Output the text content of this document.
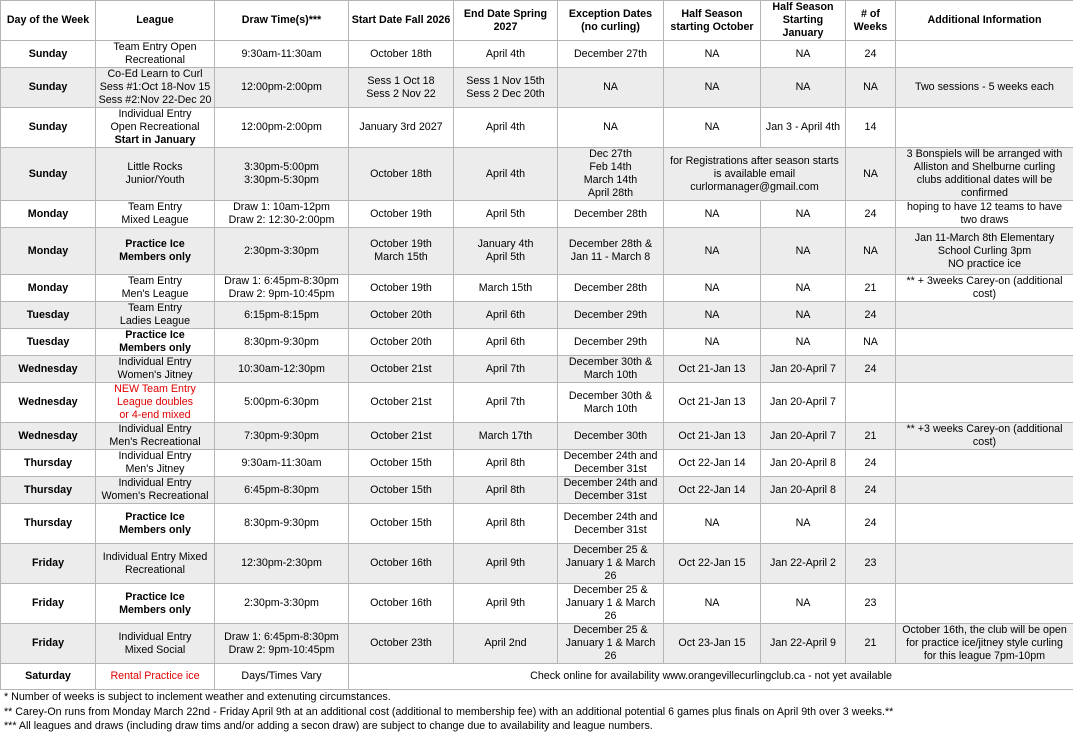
Day of the Week	League	Draw Time(s)***	Start Date Fall 2026	End Date Spring
2027	Exception Dates
(no curling)	Half Season
starting October	Half Season
Starting
January	# of
Weeks	Additional Information
Sunday	Team Entry Open
Recreational	9:30am-11:30am	October 18th	April 4th	December 27th	NA	NA	24	
Sunday	Co-Ed Learn to Curl
Sess #1:Oct 18-Nov 15
Sess #2:Nov 22-Dec 20	12:00pm-2:00pm	Sess 1 Oct 18
Sess 2 Nov 22	Sess 1 Nov 15th
Sess 2 Dec 20th	NA	NA	NA	NA	Two sessions - 5 weeks each
Sunday	Individual Entry
Open Recreational
Start in January	12:00pm-2:00pm	January 3rd 2027	April 4th	NA	NA	Jan 3 - April 4th	14	
Sunday	Little Rocks
Junior/Youth	3:30pm-5:00pm
3:30pm-5:30pm	October 18th	April 4th	Dec 27th
Feb 14th
March 14th
April 28th	for Registrations after season starts
is available email
curlormanager@gmail.com		NA	3 Bonspiels will be arranged with
Alliston and Shelburne curling
clubs additional dates will be
confirmed
Monday	Team Entry
Mixed League	Draw 1: 10am-12pm
Draw 2: 12:30-2:00pm	October 19th	April 5th	December 28th	NA	NA	24	hoping to have 12 teams to have
two draws
Monday	Practice Ice
Members only	2:30pm-3:30pm	October 19th
March 15th	January 4th
April 5th	December 28th &
Jan 11 - March 8	NA	NA	NA	Jan 11-March 8th Elementary
School Curling 3pm
NO practice ice
Monday	Team Entry
Men's League	Draw 1: 6:45pm-8:30pm
Draw 2: 9pm-10:45pm	October 19th	March 15th	December 28th	NA	NA	21	** + 3weeks Carey-on (additional
cost)
Tuesday	Team Entry
Ladies League	6:15pm-8:15pm	October 20th	April 6th	December 29th	NA	NA	24	
Tuesday	Practice Ice
Members only	8:30pm-9:30pm	October 20th	April 6th	December 29th	NA	NA	NA	
Wednesday	Individual Entry
Women's Jitney	10:30am-12:30pm	October 21st	April 7th	December 30th &
March 10th	Oct 21-Jan 13	Jan 20-April 7	24	
Wednesday	NEW Team Entry
League doubles
or 4-end mixed	5:00pm-6:30pm	October 21st	April 7th	December 30th &
March 10th	Oct 21-Jan 13	Jan 20-April 7		
Wednesday	Individual Entry
Men's Recreational	7:30pm-9:30pm	October 21st	March 17th	December 30th	Oct 21-Jan 13	Jan 20-April 7	21	** +3 weeks Carey-on (additional
cost)
Thursday	Individual Entry
Men's Jitney	9:30am-11:30am	October 15th	April 8th	December 24th and
December 31st	Oct 22-Jan 14	Jan 20-April 8	24	
Thursday	Individual Entry
Women's Recreational	6:45pm-8:30pm	October 15th	April 8th	December 24th and
December 31st	Oct 22-Jan 14	Jan 20-April 8	24	
Thursday	Practice Ice
Members only	8:30pm-9:30pm	October 15th	April 8th	December 24th and
December 31st	NA	NA	24	
Friday	Individual Entry Mixed
Recreational	12:30pm-2:30pm	October 16th	April 9th	December 25 &
January 1 & March
26	Oct 22-Jan 15	Jan 22-April 2	23	
Friday	Practice Ice
Members only	2:30pm-3:30pm	October 16th	April 9th	December 25 &
January 1 & March
26	NA	NA	23	
Friday	Individual Entry
Mixed Social	Draw 1: 6:45pm-8:30pm
Draw 2: 9pm-10:45pm	October 23th	April 2nd	December 25 &
January 1 & March
26	Oct 23-Jan 15	Jan 22-April 9	21	October 16th, the club will be open
for practice ice/jitney style curling
for this league 7pm-10pm
Saturday	Rental Practice ice	Days/Times Vary	Check online for availability www.orangevillecurlingclub.ca - not yet available						
* Number of weeks is subject to inclement weather and extenuting circumstances.
** Carey-On runs from Monday March 22nd - Friday April 9th at an additional cost (additional to membership fee) with an additional potential 6 games plus finals on April 9th over 3 weeks.**
*** All leagues and draws (including draw tims and/or adding a secon draw) are subject to change due to availability and league numbers.
